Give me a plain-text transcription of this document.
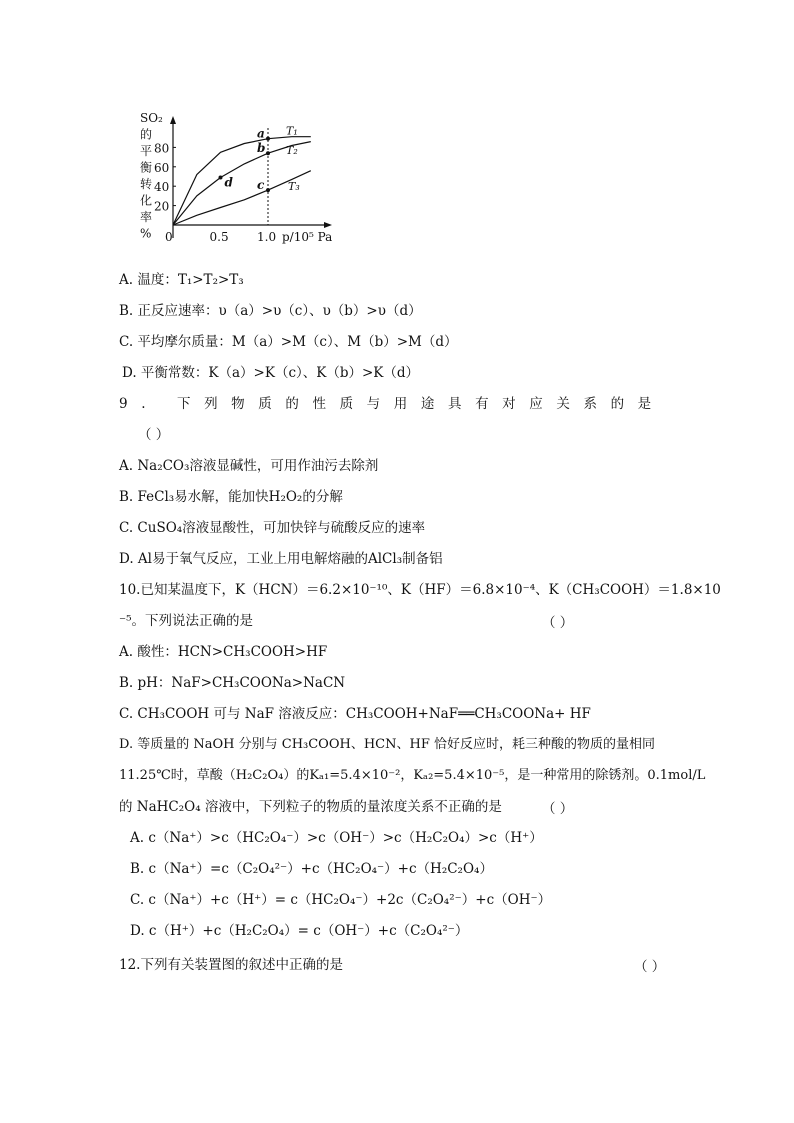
SO₂
的
平
衡
转
化
率
%
80
60
40
20
0	0.5 1.0
T₁
T₂
T₃
a
b
c
d
p/10⁵ Pa
A. 温度：T₁>T₂>T₃
B. 正反应速率：υ（a）>υ（c）、υ（b）>υ（d）
C. 平均摩尔质量：M（a）>M（c）、M（b）>M（d）
D. 平衡常数：K（a）>K（c）、K（b）>K（d）
9. 下列物质的性质与用途具有对应关系的是
（ ）
A. Na₂CO₃溶液显碱性，可用作油污去除剂
B. FeCl₃易水解，能加快H₂O₂的分解
C. CuSO₄溶液显酸性，可加快锌与硫酸反应的速率
D. Al易于氧气反应，工业上用电解熔融的AlCl₃制备铝
10.已知某温度下，K（HCN）＝6.2×10⁻¹⁰、K（HF）＝6.8×10⁻⁴、K（CH₃COOH）＝1.8×10
⁻⁵。下列说法正确的是	（ ）
A. 酸性：HCN>CH₃COOH>HF
B. pH：NaF>CH₃COONa>NaCN
C. CH₃COOH 可与 NaF 溶液反应：CH₃COOH+NaF══CH₃COONa+ HF
D. 等质量的 NaOH 分别与 CH₃COOH、HCN、HF 恰好反应时，耗三种酸的物质的量相同
11.25℃时，草酸（H₂C₂O₄）的Kₐ₁=5.4×10⁻²，Kₐ₂=5.4×10⁻⁵，是一种常用的除锈剂。0.1mol/L
的 NaHC₂O₄ 溶液中，下列粒子的物质的量浓度关系不正确的是	（ ）
A. c（Na⁺）>c（HC₂O₄⁻）>c（OH⁻）>c（H₂C₂O₄）>c（H⁺）
B. c（Na⁺）=c（C₂O₄²⁻）+c（HC₂O₄⁻）+c（H₂C₂O₄）
C. c（Na⁺）+c（H⁺）= c（HC₂O₄⁻）+2c（C₂O₄²⁻）+c（OH⁻）
D. c（H⁺）+c（H₂C₂O₄）= c（OH⁻）+c（C₂O₄²⁻）
12.下列有关装置图的叙述中正确的是	（ ）
